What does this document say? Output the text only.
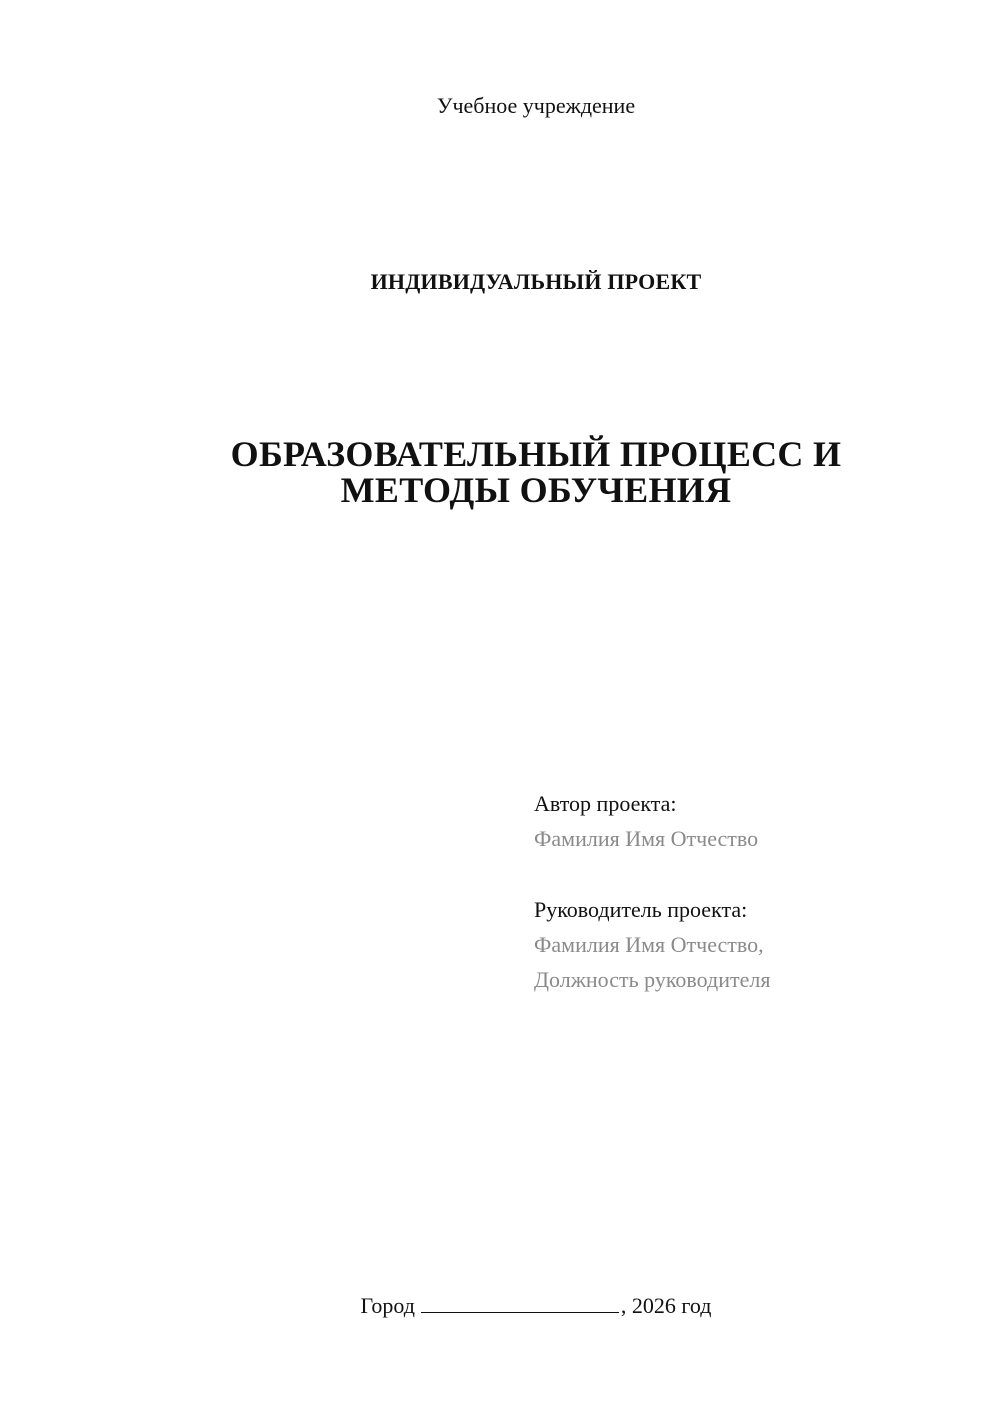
Учебное учреждение
ИНДИВИДУАЛЬНЫЙ ПРОЕКТ
ОБРАЗОВАТЕЛЬНЫЙ ПРОЦЕСС И
МЕТОДЫ ОБУЧЕНИЯ
Автор проекта:
Фамилия Имя Отчество
Руководитель проекта:
Фамилия Имя Отчество,
Должность руководителя
Город	, 2026 год
